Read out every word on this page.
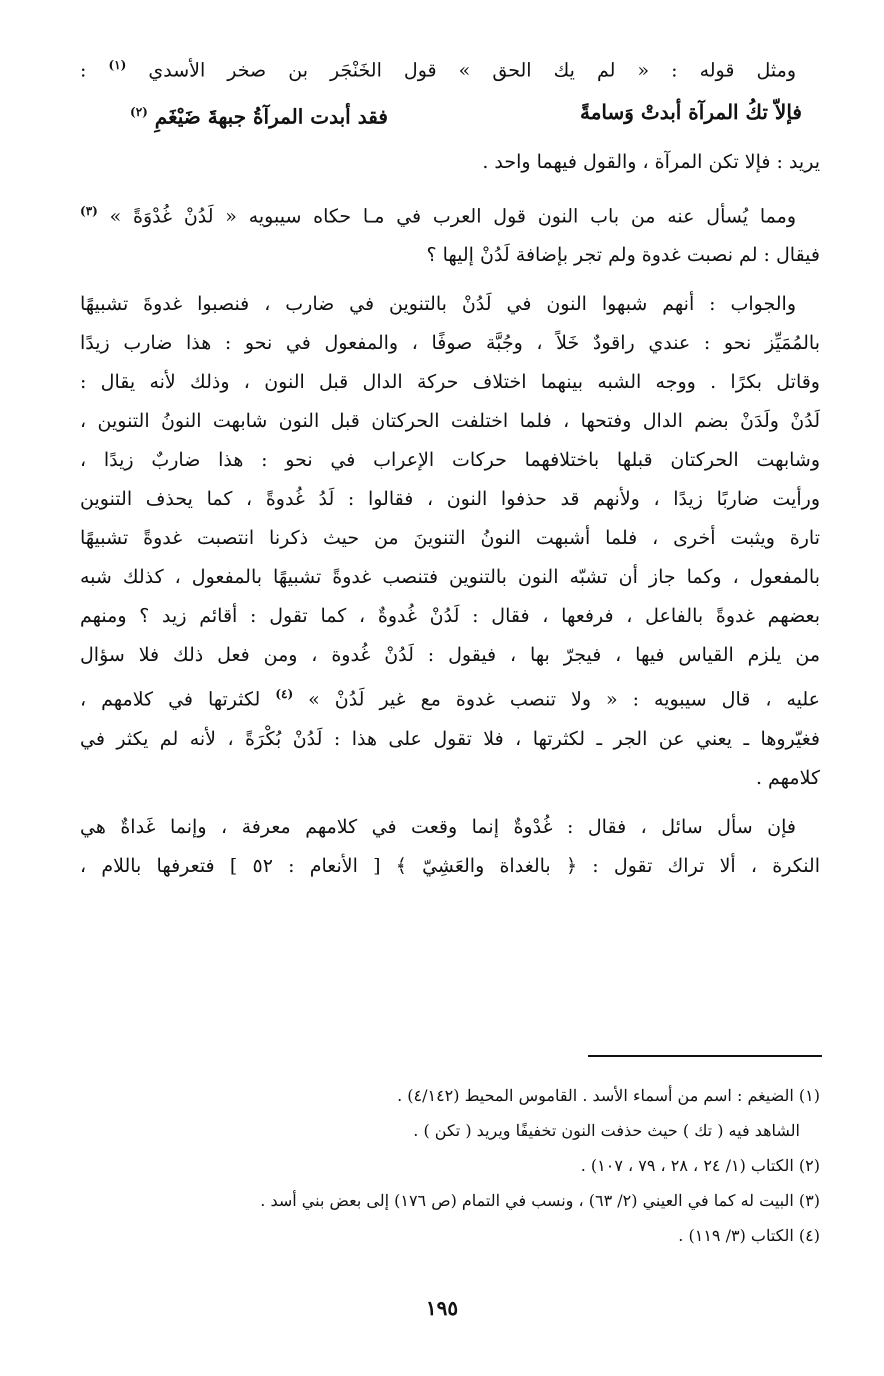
ومثل قوله : « لم يك الحق » قول الخَنْجَر بن صخر الأسدي $^{(١)}$ :
فإلاّ تكُ المرآة أبدتْ وَسامةً
فقد أبدت المرآةُ جبهةَ ضَيْغَمِ $^{(٢)}$
يريد : فإلا تكن المرآة ، والقول فيهما واحد .
ومما يُسأل عنه من باب النون قول العرب في مـا حكاه سيبويه « لَدُنْ غُدْوَةً » $^{(٣)}$
فيقال : لم نصبت غدوة ولم تجر بإضافة لَدُنْ إليها ؟
والجواب : أنهم شبهوا النون في لَدُنْ بالتنوين في ضارب ، فنصبوا غدوةَ تشبيهًا
بالمُمَيِّز نحو : عندي راقودٌ خَلاً ، وجُبَّة صوفًا ، والمفعول في نحو : هذا ضارب زيدًا
وقاتل بكرًا . ووجه الشبه بينهما اختلاف حركة الدال قبل النون ، وذلك لأنه يقال :
لَدُنْ ولَدَنْ بضم الدال وفتحها ، فلما اختلفت الحركتان قبل النون شابهت النونُ التنوين ،
وشابهت الحركتان قبلها باختلافهما حركات الإعراب في نحو : هذا ضاربٌ زيدًا ،
ورأيت ضاربًا زيدًا ، ولأنهم قد حذفوا النون ، فقالوا : لَدُ غُدوةً ، كما يحذف التنوين
تارة ويثبت أخرى ، فلما أشبهت النونُ التنوينَ من حيث ذكرنا انتصبت غدوةً تشبيهًا
بالمفعول ، وكما جاز أن تشبّه النون بالتنوين فتنصب غدوةً تشبيهًا بالمفعول ، كذلك شبه
بعضهم غدوةً بالفاعل ، فرفعها ، فقال : لَدُنْ غُدوةٌ ، كما تقول : أقائم زيد ؟ ومنهم
من يلزم القياس فيها ، فيجرّ بها ، فيقول : لَدُنْ غُدوة ، ومن فعل ذلك فلا سؤال
عليه ، قال سيبويه : « ولا تنصب غدوة مع غير لَدُنْ » $^{(٤)}$ لكثرتها في كلامهم ،
فغيّروها ـ يعني عن الجر ـ لكثرتها ، فلا تقول على هذا : لَدُنْ بُكْرَةً ، لأنه لم يكثر في
كلامهم .
فإن سأل سائل ، فقال : غُدْوةٌ إنما وقعت في كلامهم معرفة ، وإنما غَداةٌ هي
النكرة ، ألا تراك تقول : ﴿ بالغداة والعَشِيّ ﴾ [ الأنعام : ٥٢ ] فتعرفها باللام ،
(١) الضيغم : اسم من أسماء الأسد . القاموس المحيط (٤/١٤٢) .
الشاهد فيه ( تك ) حيث حذفت النون تخفيفًا ويريد ( تكن ) .
(٢) الكتاب (١/ ٢٤ ، ٢٨ ، ٧٩ ، ١٠٧) .
(٣) البيت له كما في العيني (٢/ ٦٣) ، ونسب في التمام (ص ١٧٦) إلى بعض بني أسد .
(٤) الكتاب (٣/ ١١٩) .
١٩٥
